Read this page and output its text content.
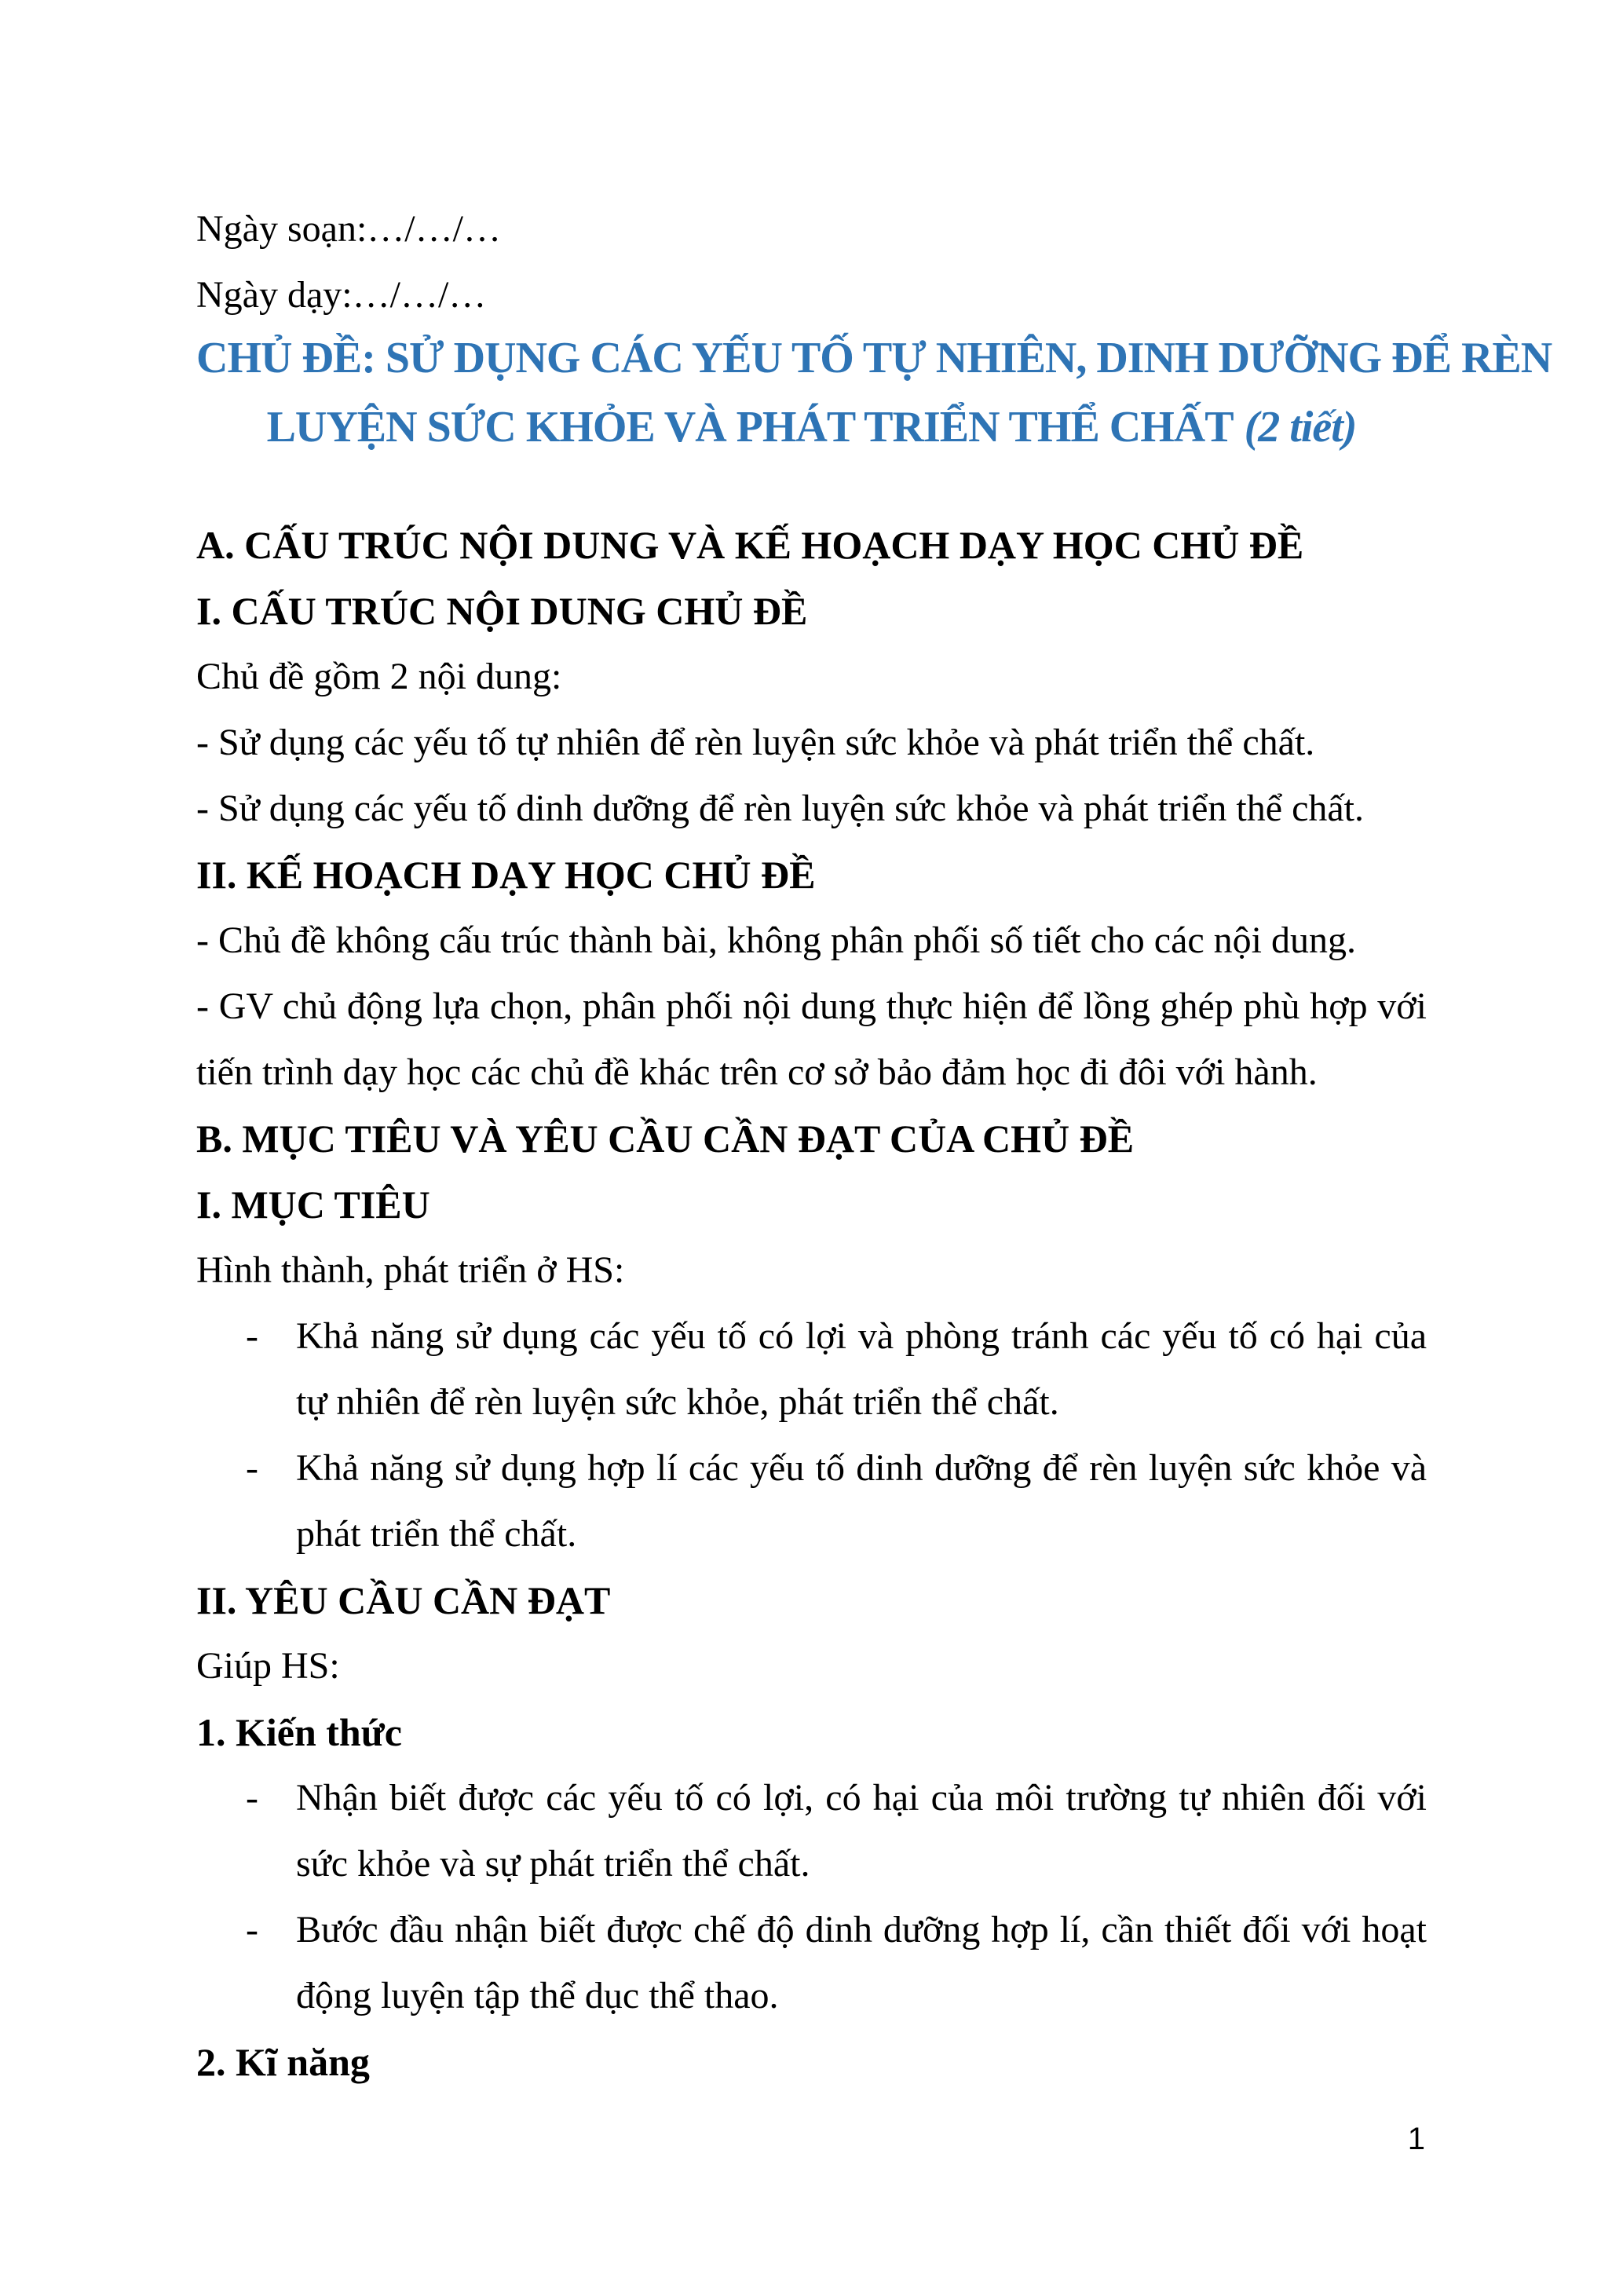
Ngày soạn:…/…/…

Ngày dạy:…/…/…

CHỦ ĐỀ: SỬ DỤNG CÁC YẾU TỐ TỰ NHIÊN, DINH DƯỠNG ĐỂ RÈN
LUYỆN SỨC KHỎE VÀ PHÁT TRIỂN THỂ CHẤT (2 tiết)

A. CẤU TRÚC NỘI DUNG VÀ KẾ HOẠCH DẠY HỌC CHỦ ĐỀ

I. CẤU TRÚC NỘI DUNG CHỦ ĐỀ

Chủ đề gồm 2 nội dung:

- Sử dụng các yếu tố tự nhiên để rèn luyện sức khỏe và phát triển thể chất.

- Sử dụng các yếu tố dinh dưỡng để rèn luyện sức khỏe và phát triển thể chất.

II. KẾ HOẠCH DẠY HỌC CHỦ ĐỀ

- Chủ đề không cấu trúc thành bài, không phân phối số tiết cho các nội dung.

- GV chủ động lựa chọn, phân phối nội dung thực hiện để lồng ghép phù hợp với tiến trình dạy học các chủ đề khác trên cơ sở bảo đảm học đi đôi với hành.

B. MỤC TIÊU VÀ YÊU CẦU CẦN ĐẠT CỦA CHỦ ĐỀ

I. MỤC TIÊU

Hình thành, phát triển ở HS:

- Khả năng sử dụng các yếu tố có lợi và phòng tránh các yếu tố có hại của tự nhiên để rèn luyện sức khỏe, phát triển thể chất.

- Khả năng sử dụng hợp lí các yếu tố dinh dưỡng để rèn luyện sức khỏe và phát triển thể chất.

II. YÊU CẦU CẦN ĐẠT

Giúp HS:

1. Kiến thức

- Nhận biết được các yếu tố có lợi, có hại của môi trường tự nhiên đối với sức khỏe và sự phát triển thể chất.

- Bước đầu nhận biết được chế độ dinh dưỡng hợp lí, cần thiết đối với hoạt động luyện tập thể dục thể thao.

2. Kĩ năng

1
